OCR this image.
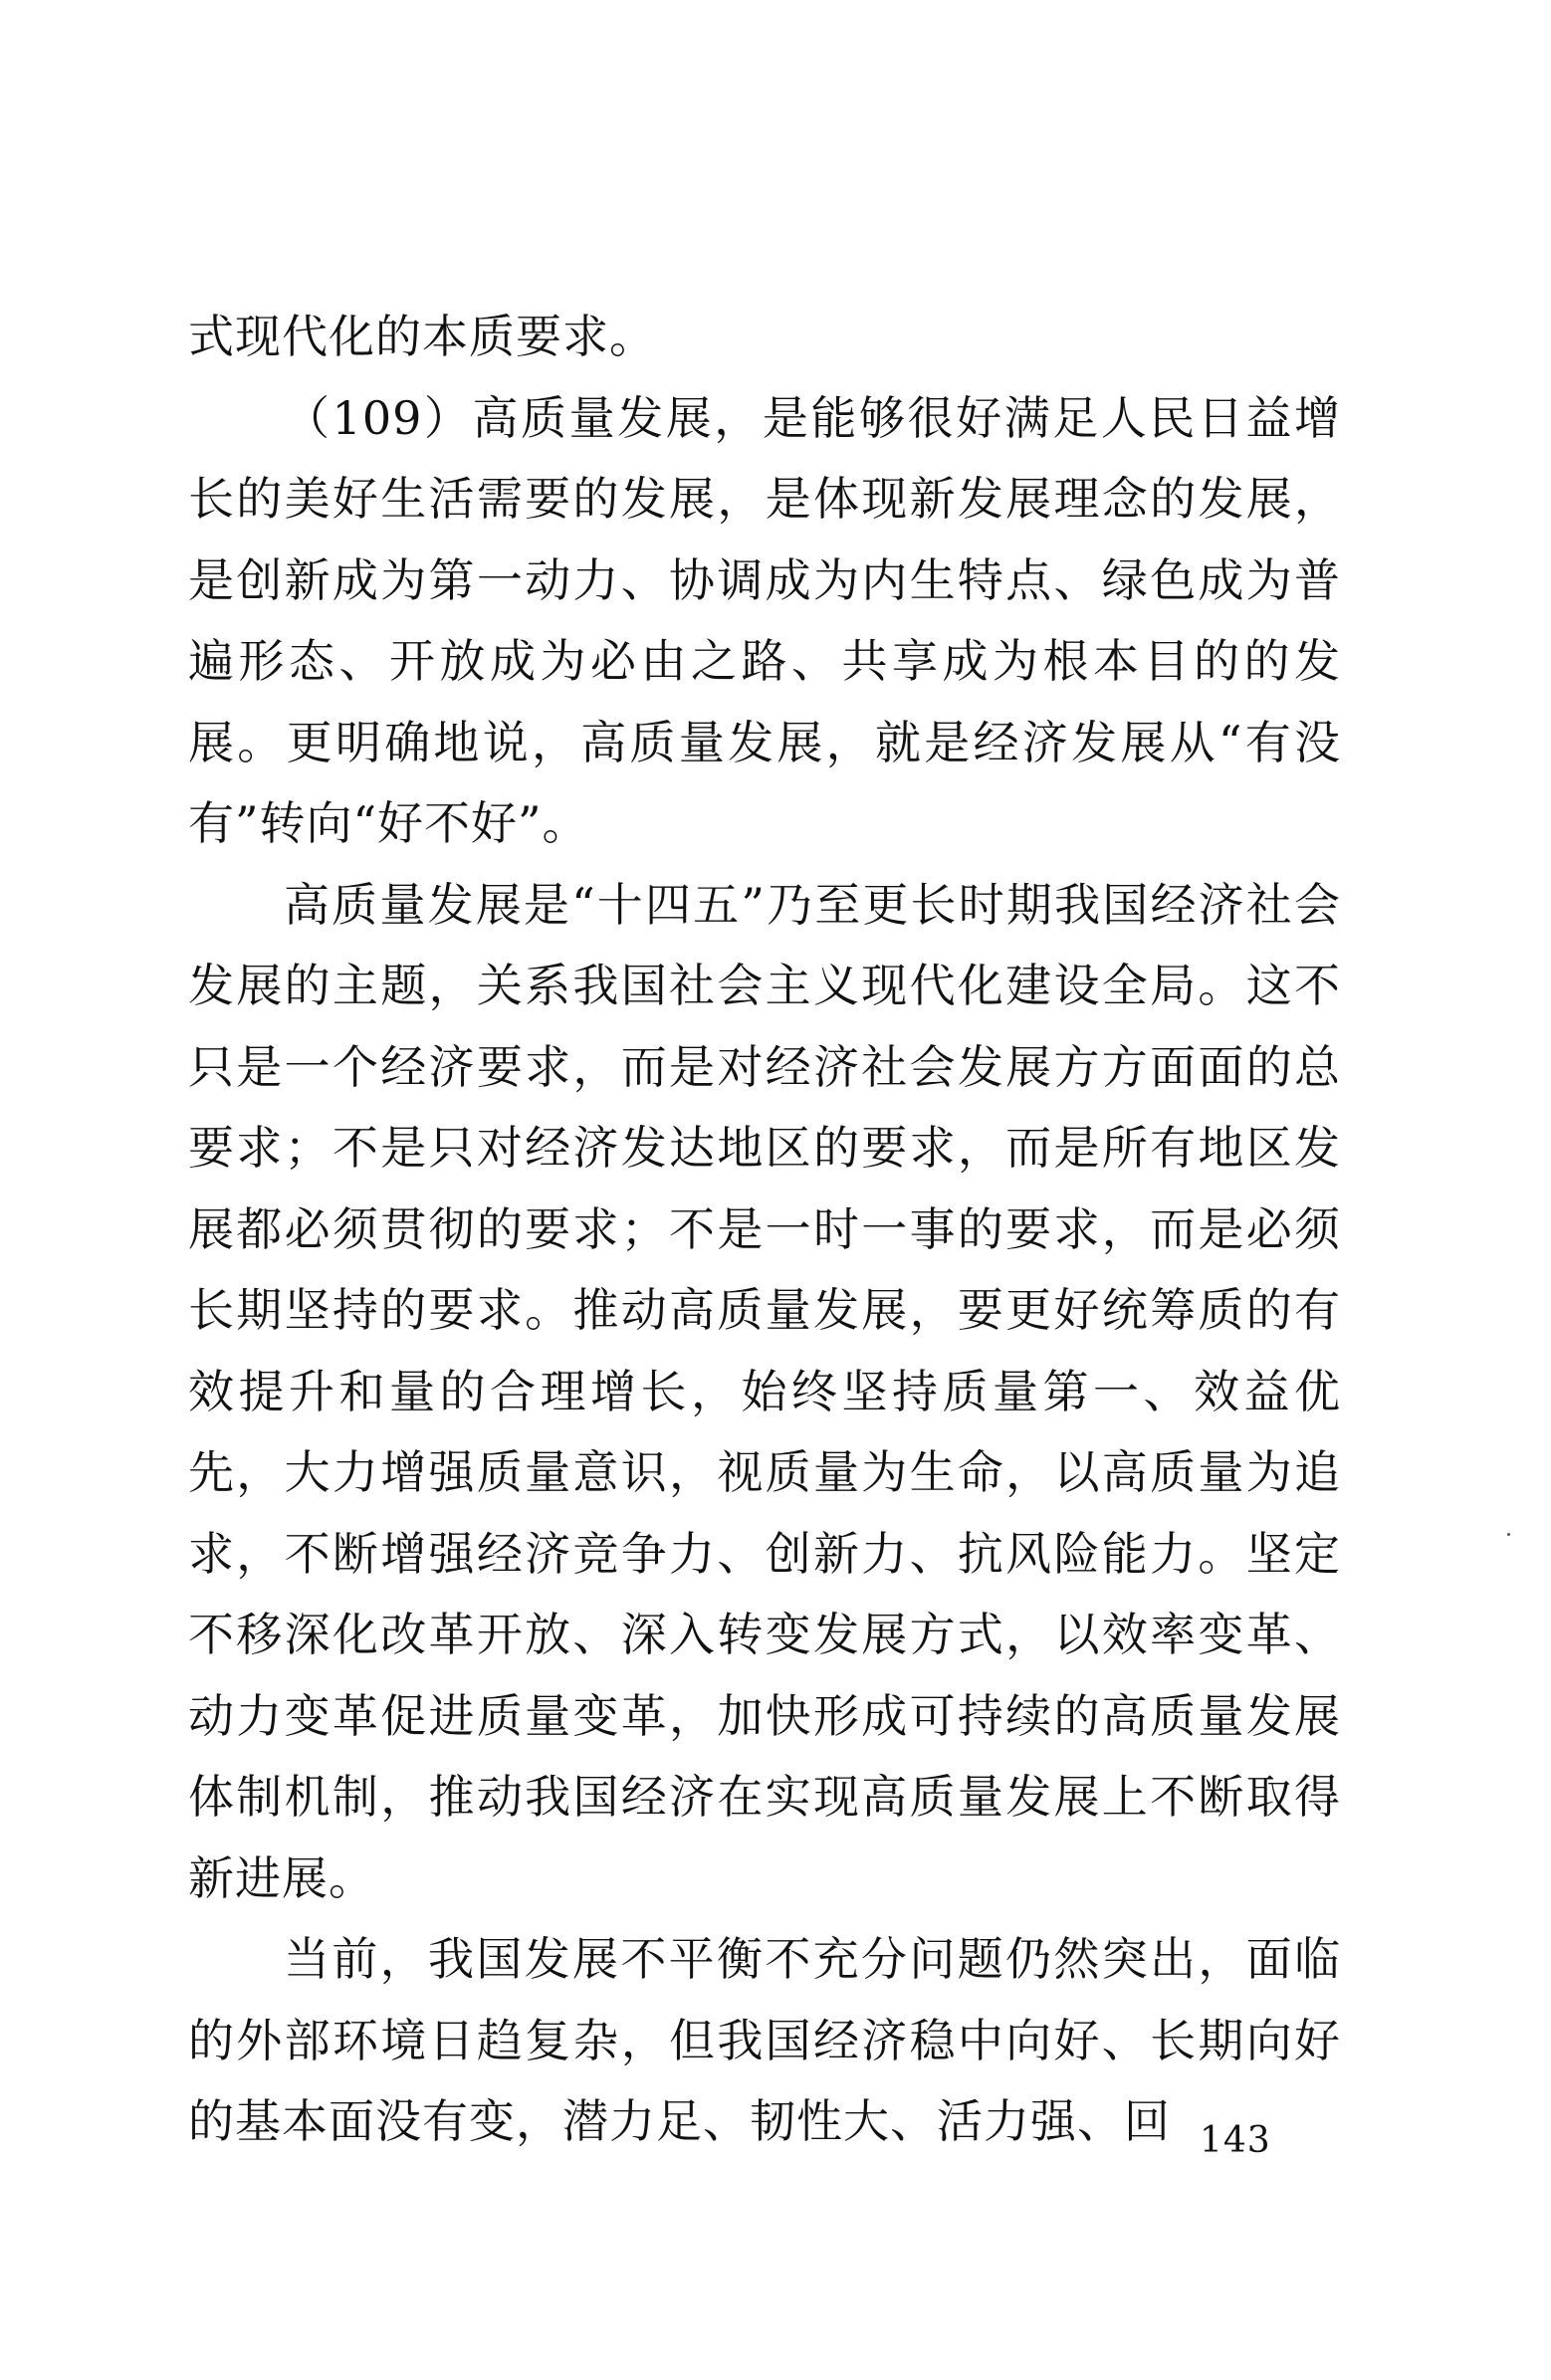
式现代化的本质要求。

（109）高质量发展，是能够很好满足人民日益增长的美好生活需要的发展，是体现新发展理念的发展，是创新成为第一动力、协调成为内生特点、绿色成为普遍形态、开放成为必由之路、共享成为根本目的的发展。更明确地说，高质量发展，就是经济发展从“有没有”转向“好不好”。

高质量发展是“十四五”乃至更长时期我国经济社会发展的主题，关系我国社会主义现代化建设全局。这不只是一个经济要求，而是对经济社会发展方方面面的总要求；不是只对经济发达地区的要求，而是所有地区发展都必须贯彻的要求；不是一时一事的要求，而是必须长期坚持的要求。推动高质量发展，要更好统筹质的有效提升和量的合理增长，始终坚持质量第一、效益优先，大力增强质量意识，视质量为生命，以高质量为追求，不断增强经济竞争力、创新力、抗风险能力。坚定不移深化改革开放、深入转变发展方式，以效率变革、动力变革促进质量变革，加快形成可持续的高质量发展体制机制，推动我国经济在实现高质量发展上不断取得新进展。

当前，我国发展不平衡不充分问题仍然突出，面临的外部环境日趋复杂，但我国经济稳中向好、长期向好的基本面没有变，潜力足、韧性大、活力强、回 143
